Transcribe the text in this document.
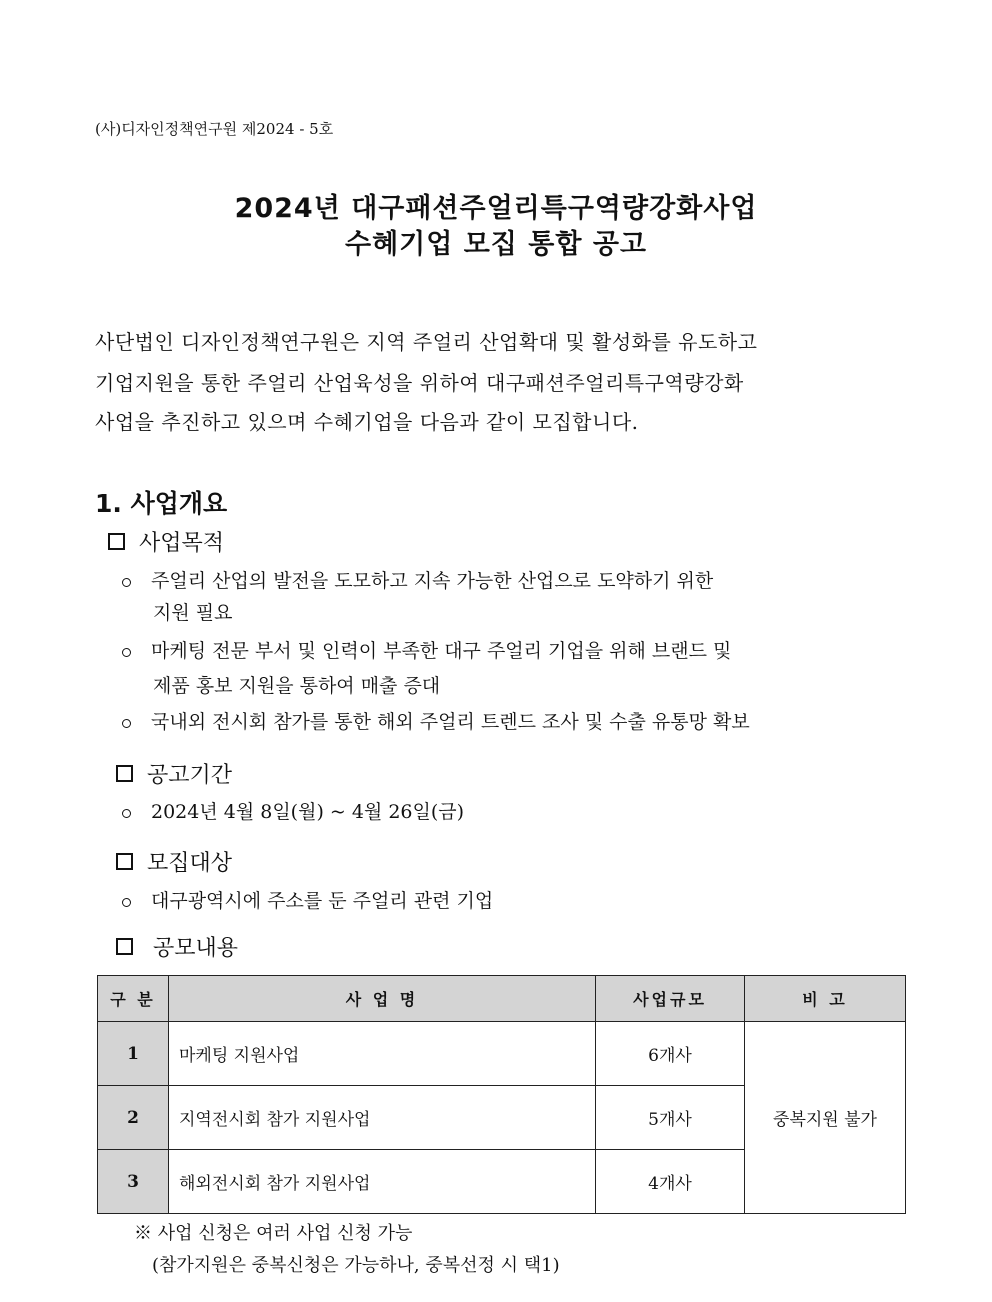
(사)디자인정책연구원 제2024 - 5호
2024년 대구패션주얼리특구역량강화사업
수혜기업 모집 통합 공고
사단법인 디자인정책연구원은 지역 주얼리 산업확대 및 활성화를 유도하고
기업지원을 통한 주얼리 산업육성을 위하여 대구패션주얼리특구역량강화
사업을 추진하고 있으며 수혜기업을 다음과 같이 모집합니다.
1. 사업개요
사업목적
주얼리 산업의 발전을 도모하고 지속 가능한 산업으로 도약하기 위한
지원 필요
마케팅 전문 부서 및 인력이 부족한 대구 주얼리 기업을 위해 브랜드 및
제품 홍보 지원을 통하여 매출 증대
국내외 전시회 참가를 통한 해외 주얼리 트렌드 조사 및 수출 유통망 확보
공고기간
2024년 4월 8일(월) ~ 4월 26일(금)
모집대상
대구광역시에 주소를 둔 주얼리 관련 기업
공모내용
구 분	사 업 명	사업규모	비 고
1	마케팅 지원사업	6개사	중복지원 불가
2	지역전시회 참가 지원사업	5개사	
3	해외전시회 참가 지원사업	4개사	
※ 사업 신청은 여러 사업 신청 가능
(참가지원은 중복신청은 가능하나, 중복선정 시 택1)
